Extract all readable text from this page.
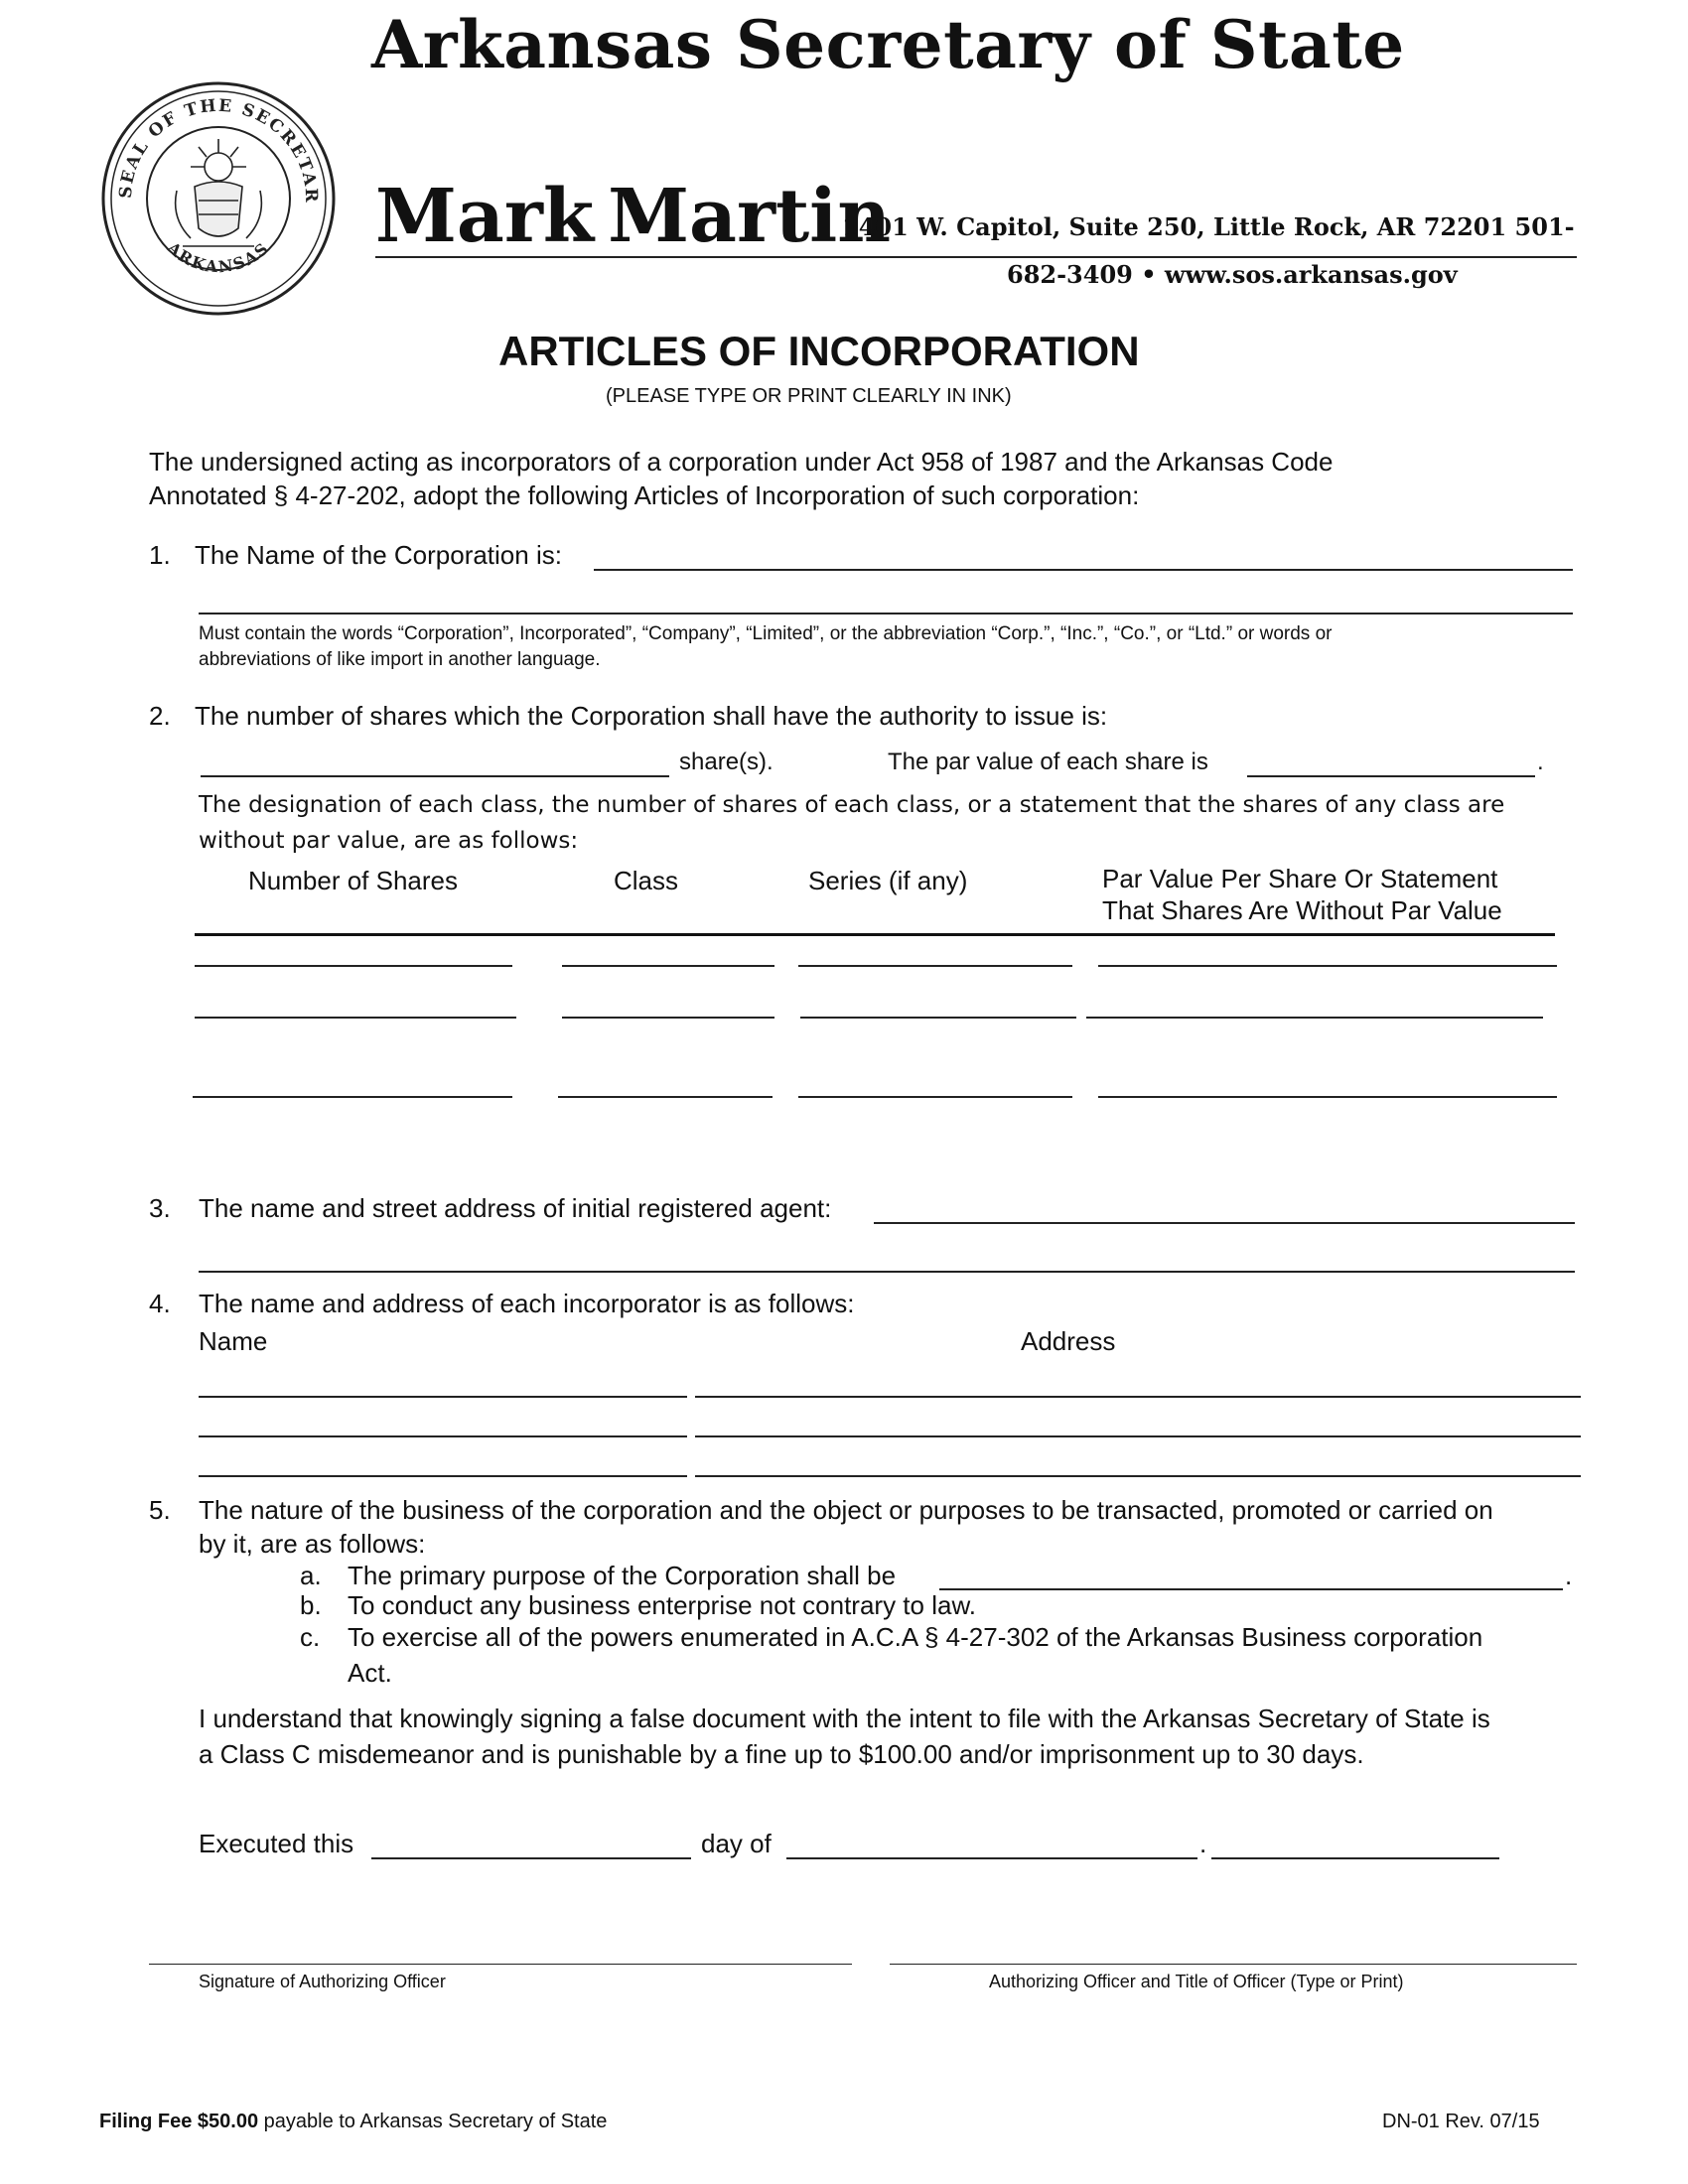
SEAL OF THE SECRETAR
ARKANSAS
Arkansas Secretary of State
Mark Martin
1401 W. Capitol, Suite 250, Little Rock, AR 72201 501-
682-3409 • www.sos.arkansas.gov
ARTICLES OF INCORPORATION
(PLEASE TYPE OR PRINT CLEARLY IN INK)
The undersigned acting as incorporators of a corporation under Act 958 of 1987 and the Arkansas Code
Annotated § 4-27-202, adopt the following Articles of Incorporation of such corporation:
1. The Name of the Corporation is:
Must contain the words “Corporation”, Incorporated”, “Company”, “Limited”, or the abbreviation “Corp.”, “Inc.”, “Co.”, or “Ltd.” or words or
abbreviations of like import in another language.
2. The number of shares which the Corporation shall have the authority to issue is:
share(s).	The par value of each share is	.
The designation of each class, the number of shares of each class, or a statement that the shares of any class are
without par value, are as follows:
Number of Shares	Class	Series (if any)	Par Value Per Share Or Statement
That Shares Are Without Par Value
3. The name and street address of initial registered agent:
4. The name and address of each incorporator is as follows:
Name	Address
5. The nature of the business of the corporation and the object or purposes to be transacted, promoted or carried on
by it, are as follows:
a. The primary purpose of the Corporation shall be	.
b. To conduct any business enterprise not contrary to law.
c. To exercise all of the powers enumerated in A.C.A § 4-27-302 of the Arkansas Business corporation
Act.
I understand that knowingly signing a false document with the intent to file with the Arkansas Secretary of State is
a Class C misdemeanor and is punishable by a fine up to $100.00 and/or imprisonment up to 30 days.
Executed this	day of	.
Signature of Authorizing Officer	Authorizing Officer and Title of Officer (Type or Print)
Filing Fee $50.00 payable to Arkansas Secretary of State	DN-01 Rev. 07/15
